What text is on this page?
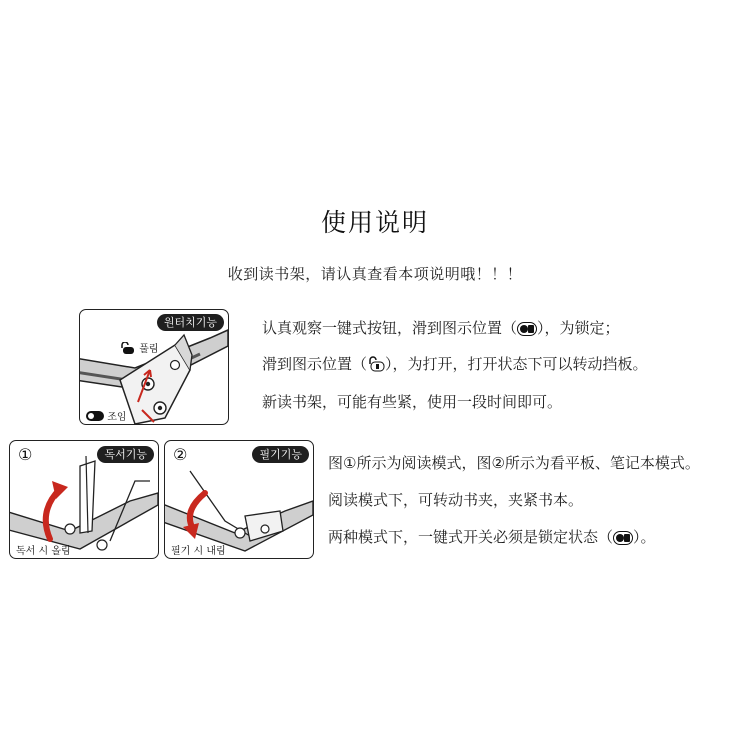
使用说明
收到读书架，请认真查看本项说明哦！！！
원터치기능
풀림
조임
认真观察一键式按钮，滑到图示位置（ ），为锁定；
滑到图示位置（ ），为打开，打开状态下可以转动挡板。
新读书架，可能有些紧，使用一段时间即可。
①	독서기능
독서 시 올림
②	필기기능
필기 시 내림
图①所示为阅读模式，图②所示为看平板、笔记本模式。
阅读模式下，可转动书夹，夹紧书本。
两种模式下，一键式开关必须是锁定状态（ ）。
